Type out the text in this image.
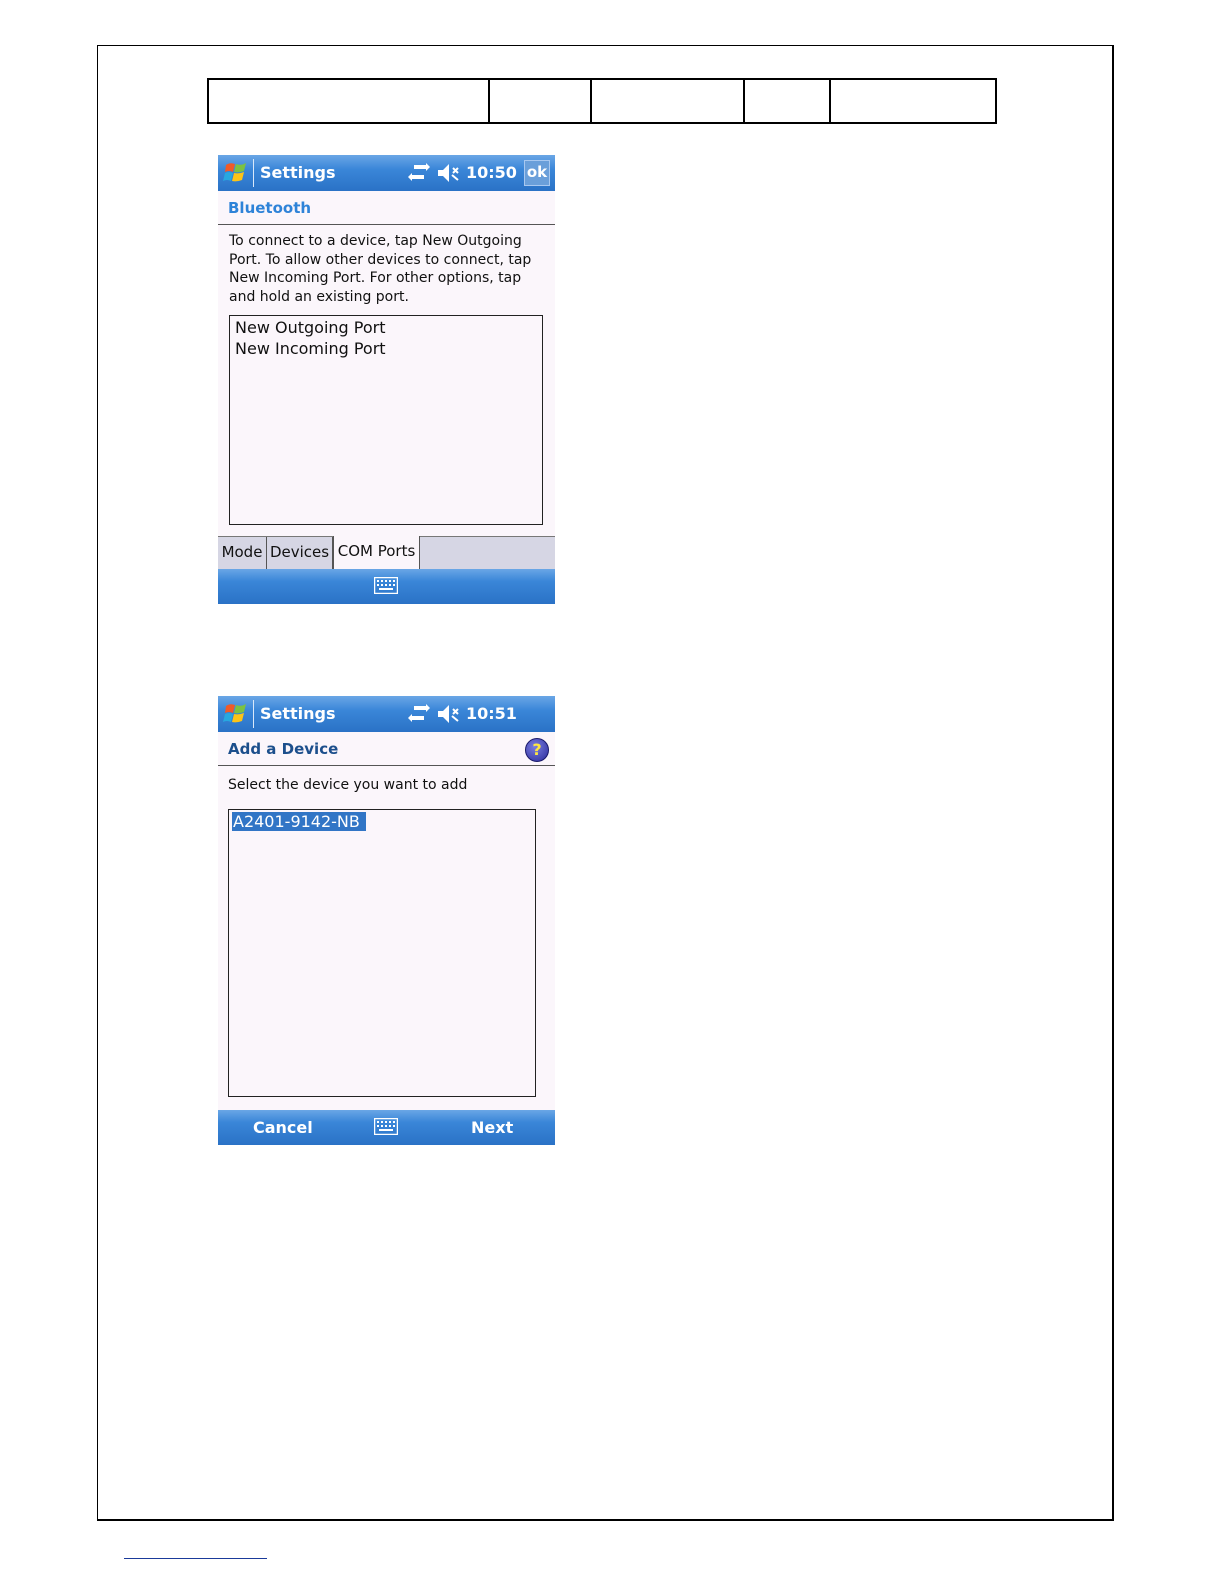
Settings	10:50 ok
Bluetooth
To connect to a device, tap New Outgoing Port. To allow other devices to connect, tap New Incoming Port. For other options, tap and hold an existing port.
New Outgoing Port
New Incoming Port
Mode Devices COM Ports
Settings	10:51
Add a Device	?
Select the device you want to add
A2401-9142-NB
Cancel	Next
